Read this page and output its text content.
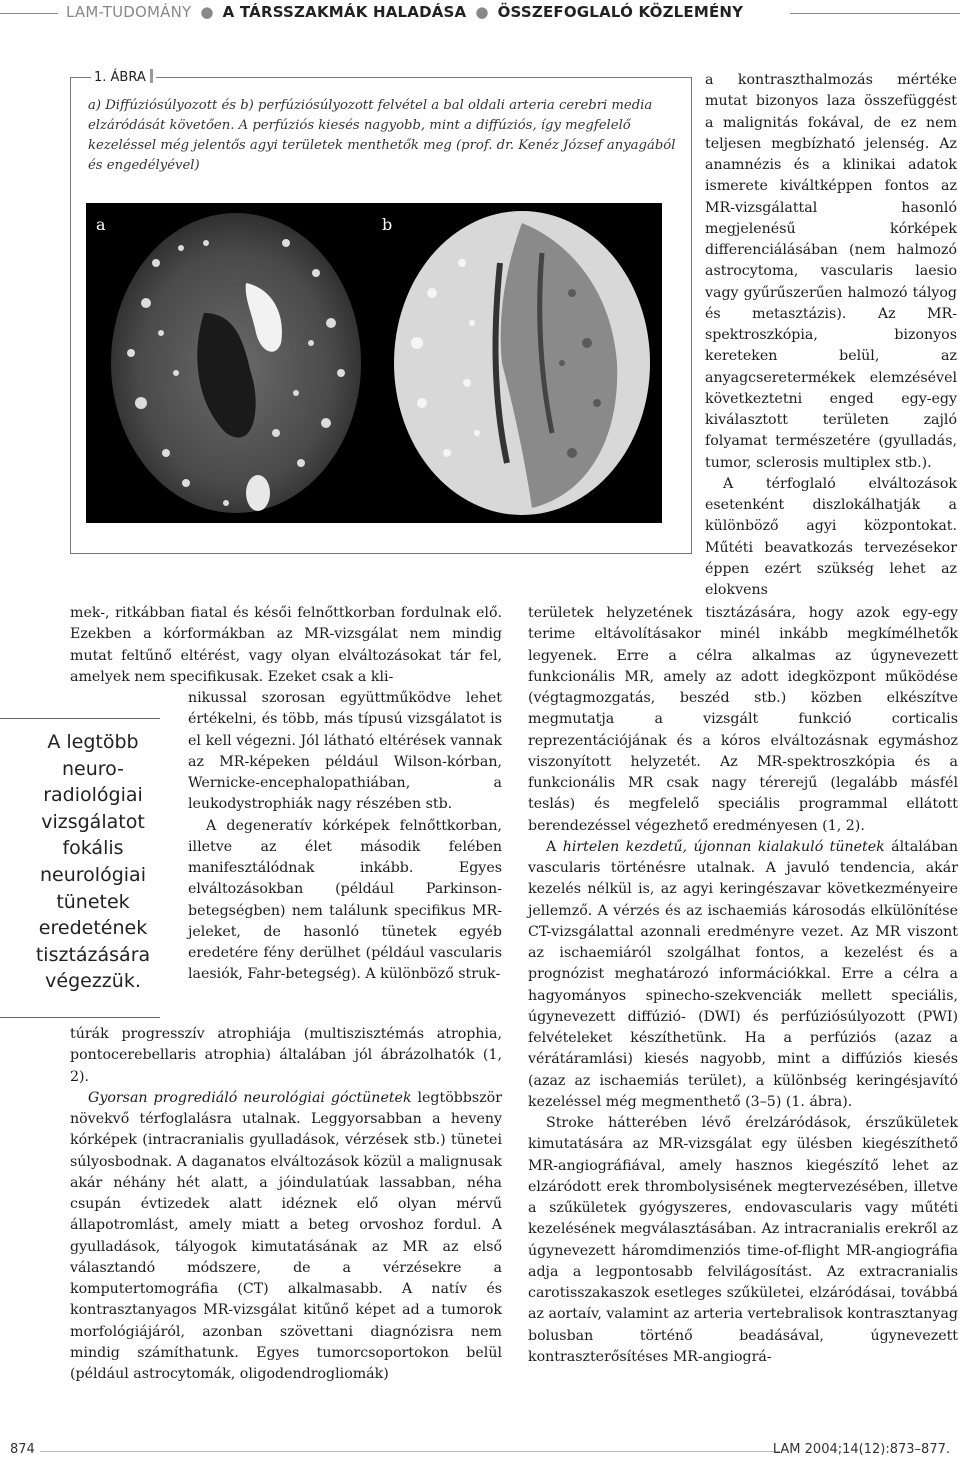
LAM-TUDOMÁNY ● A TÁRSSZAKMÁK HALADÁSA ● ÖSSZEFOGLALÓ KÖZLEMÉNY
1. ÁBRA
a) Diffúziósúlyozott és b) perfúziósúlyozott felvétel a bal oldali arteria cerebri media elzáródását követően. A perfúziós kiesés nagyobb, mint a diffúziós, így megfelelő kezeléssel még jelentős agyi területek menthetők meg (prof. dr. Kenéz József anyagából és engedélyével)
a	b

a kontraszthalmozás mértéke mutat bizonyos laza összefüggést a malignitás fokával, de ez nem teljesen megbízható jelenség. Az anamnézis és a klinikai adatok ismerete kiváltképpen fontos az MR-vizsgálattal hasonló megjelenésű kórképek differenciálásában (nem halmozó astrocytoma, vascularis laesio vagy gyűrűszerűen halmozó tályog és metasztázis). Az MR-spektroszkópia, bizonyos kereteken belül, az anyagcseretermékek elemzésével következtetni enged egy-egy kiválasztott területen zajló folyamat természetére (gyulladás, tumor, sclerosis multiplex stb.).

A térfoglaló elváltozások esetenként diszlokálhatják a különböző agyi központokat. Műtéti beavatkozás tervezésekor éppen ezért szükség lehet az elokvens

mek-, ritkábban fiatal és késői felnőttkorban fordulnak elő. Ezekben a kórformákban az MR-vizsgálat nem mindig mutat feltűnő eltérést, vagy olyan elváltozásokat tár fel, amelyek nem specifikusak. Ezeket csak a kli-

A legtöbb neuro-radiológiai vizsgálatot fokális neurológiai tünetek eredetének tisztázására végezzük.

nikussal szorosan együttműködve lehet értékelni, és több, más típusú vizsgálatot is el kell végezni. Jól látható eltérések vannak az MR-képeken például Wilson-kórban, Wernicke-encephalopathiában, a leukodystrophiák nagy részében stb.

A degeneratív kórképek felnőttkorban, illetve az élet második felében manifesztálódnak inkább. Egyes elváltozásokban (például Parkinson-betegségben) nem találunk specifikus MR-jeleket, de hasonló tünetek egyéb eredetére fény derülhet (például vascularis laesiók, Fahr-betegség). A különböző struk-

túrák progresszív atrophiája (multiszisztémás atrophia, pontocerebellaris atrophia) általában jól ábrázolhatók (1, 2).

Gyorsan progrediáló neurológiai góctünetek legtöbbször növekvő térfoglalásra utalnak. Leggyorsabban a heveny kórképek (intracranialis gyulladások, vérzések stb.) tünetei súlyosbodnak. A daganatos elváltozások közül a malignusak akár néhány hét alatt, a jóindulatúak lassabban, néha csupán évtizedek alatt idéznek elő olyan mérvű állapotromlást, amely miatt a beteg orvoshoz fordul. A gyulladások, tályogok kimutatásának az MR az első választandó módszere, de a vérzésekre a komputertomográfia (CT) alkalmasabb. A natív és kontrasztanyagos MR-vizsgálat kitűnő képet ad a tumorok morfológiájáról, azonban szövettani diagnózisra nem mindig számíthatunk. Egyes tumorcsoportokon belül (például astrocytomák, oligodendrogliomák)

területek helyzetének tisztázására, hogy azok egy-egy terime eltávolításakor minél inkább megkímélhetők legyenek. Erre a célra alkalmas az úgynevezett funkcionális MR, amely az adott idegközpont működése (végtagmozgatás, beszéd stb.) közben elkészítve megmutatja a vizsgált funkció corticalis reprezentációjának és a kóros elváltozásnak egymáshoz viszonyított helyzetét. Az MR-spektroszkópia és a funkcionális MR csak nagy térerejű (legalább másfél teslás) és megfelelő speciális programmal ellátott berendezéssel végezhető eredményesen (1, 2).

A hirtelen kezdetű, újonnan kialakuló tünetek általában vascularis történésre utalnak. A javuló tendencia, akár kezelés nélkül is, az agyi keringészavar következményeire jellemző. A vérzés és az ischaemiás károsodás elkülönítése CT-vizsgálattal azonnali eredményre vezet. Az MR viszont az ischaemiáról szolgálhat fontos, a kezelést és a prognózist meghatározó információkkal. Erre a célra a hagyományos spinecho-szekvenciák mellett speciális, úgynevezett diffúzió- (DWI) és perfúziósúlyozott (PWI) felvételeket készíthetünk. Ha a perfúziós (azaz a vérátáramlási) kiesés nagyobb, mint a diffúziós kiesés (azaz az ischaemiás terület), a különbség keringésjavító kezeléssel még megmenthető (3–5) (1. ábra).

Stroke hátterében lévő érelzáródások, érszűkületek kimutatására az MR-vizsgálat egy ülésben kiegészíthető MR-angiográfiával, amely hasznos kiegészítő lehet az elzáródott erek thrombolysisének megtervezésében, illetve a szűkületek gyógyszeres, endovascularis vagy műtéti kezelésének megválasztásában. Az intracranialis erekről az úgynevezett háromdimenziós time-of-flight MR-angiográfia adja a legpontosabb felvilágosítást. Az extracranialis carotisszakaszok esetleges szűkületei, elzáródásai, továbbá az aortaív, valamint az arteria vertebralisok kontrasztanyag bolusban történő beadásával, úgynevezett kontraszterősítéses MR-angiográ-

874	LAM 2004;14(12):873–877.
